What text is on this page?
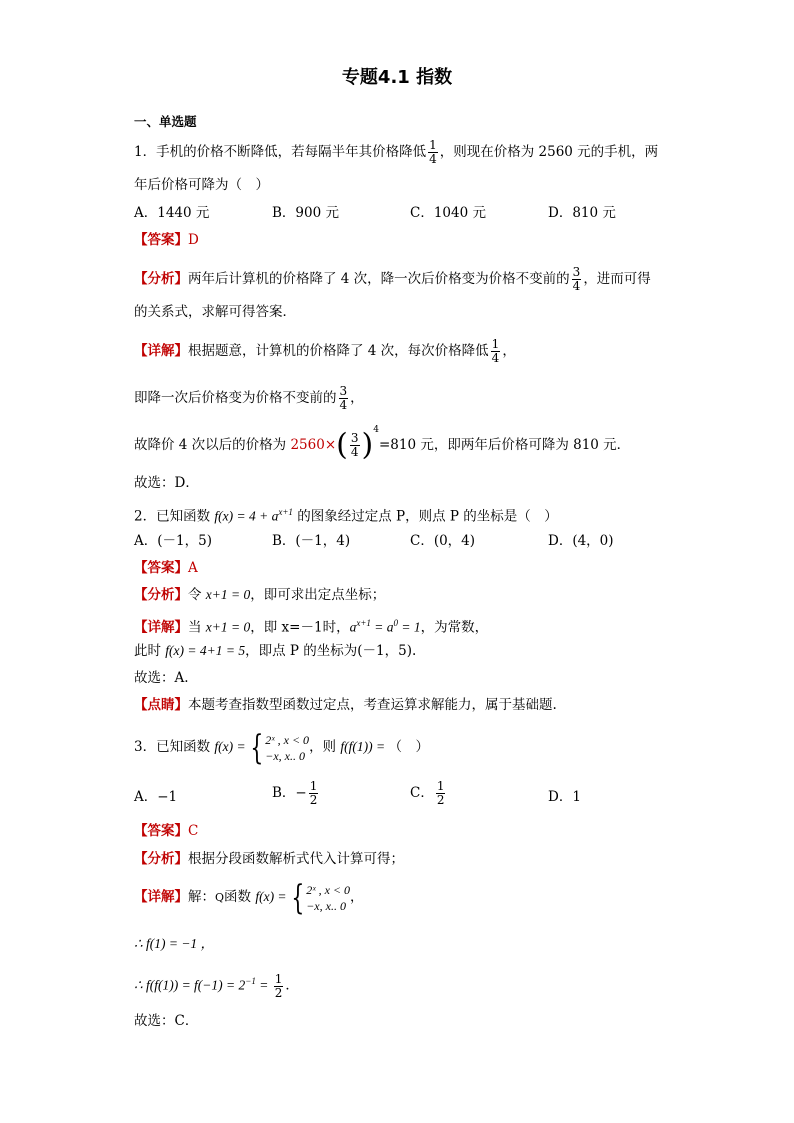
专题4.1 指数
一、单选题
1．手机的价格不断降低，若每隔半年其价格降低 $\frac{1}{4}$ ，则现在价格为 2560 元的手机，两
年后价格可降为（　）
A．1440 元	B．900 元	C．1040 元	D．810 元
【答案】D
【分析】两年后计算机的价格降了 4 次，降一次后价格变为价格不变前的 $\frac{3}{4}$ ，进而可得
的关系式，求解可得答案．
【详解】根据题意，计算机的价格降了 4 次，每次价格降低 $\frac{1}{4}$ ，
即降一次后价格变为价格不变前的 $\frac{3}{4}$ ，
故降价 4 次以后的价格为 $2560\times( \frac{3}{4} )^4=810$ 元，即两年后价格可降为 810 元．
故选：D．
2．已知函数 $f(x) = 4 + a^{x+1}$ 的图象经过定点 P，则点 P 的坐标是（　）
A．(－1，5)	B．(－1，4)	C．(0，4)	D．(4，0)
【答案】A
【分析】令 x+1 = 0，即可求出定点坐标；
【详解】当 x+1 = 0，即 x=－1时，$a^{x+1} = a^0 = 1$，为常数，
此时 f(x) = 4+1 = 5，即点 P 的坐标为(－1，5).
故选：A.
【点睛】本题考查指数型函数过定点，考查运算求解能力，属于基础题.
3．已知函数 f(x) = { 2ˣ , x < 0
−x, x.. 0
，则 f(f(1)) = （　）
A．−1	B．− $\frac{1}{2}$	C． $\frac{1}{2}$	D．1
【答案】C
【分析】根据分段函数解析式代入计算可得；
【详解】解：Q函数 f(x) = { 2ˣ , x < 0
−x, x.. 0
，
∴ f(1) = −1 ，
∴ $f(f(1)) = f(-1) = 2^{-1} = \frac{1}{2}$ ．
故选：C．
